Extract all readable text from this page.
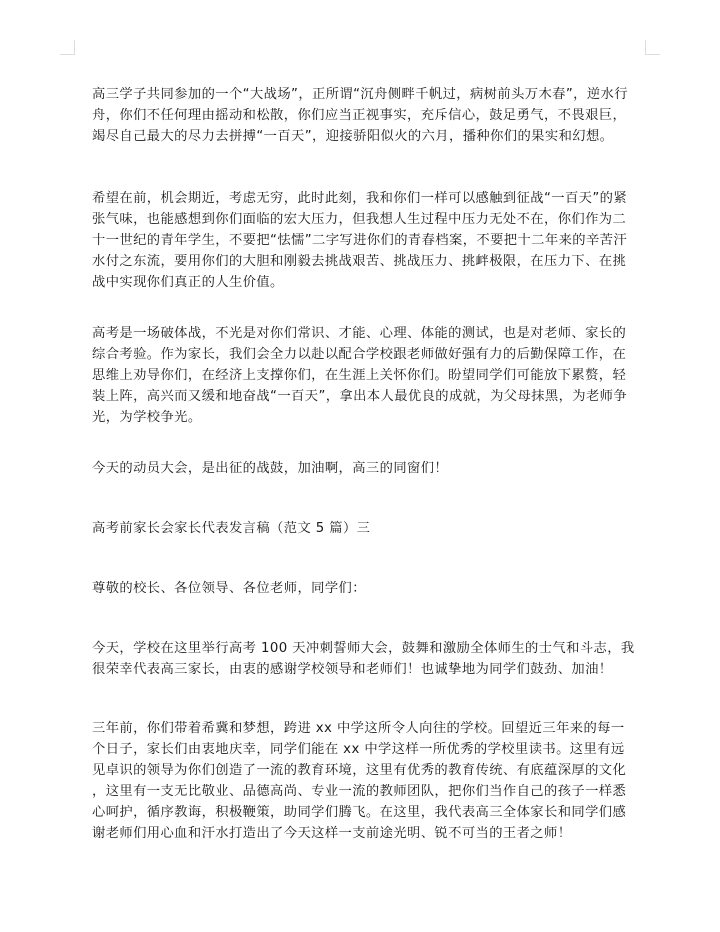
高三学子共同参加的一个“大战场”，正所谓“沉舟侧畔千帆过，病树前头万木春”，逆水行
舟，你们不任何理由摇动和松散，你们应当正视事实，充斥信心，鼓足勇气，不畏艰巨，
竭尽自己最大的尽力去拼搏“一百天”，迎接骄阳似火的六月，播种你们的果实和幻想。
希望在前，机会期近，考虑无穷，此时此刻，我和你们一样可以感触到征战“一百天”的紧
张气味，也能感想到你们面临的宏大压力，但我想人生过程中压力无处不在，你们作为二
十一世纪的青年学生，不要把“怯懦”二字写进你们的青春档案，不要把十二年来的辛苦汗
水付之东流，要用你们的大胆和刚毅去挑战艰苦、挑战压力、挑衅极限，在压力下、在挑
战中实现你们真正的人生价值。
高考是一场破体战，不光是对你们常识、才能、心理、体能的测试，也是对老师、家长的
综合考验。作为家长，我们会全力以赴以配合学校跟老师做好强有力的后勤保障工作，在
思维上劝导你们，在经济上支撑你们，在生涯上关怀你们。盼望同学们可能放下累赘，轻
装上阵，高兴而又缓和地奋战“一百天”，拿出本人最优良的成就，为父母抹黑，为老师争
光，为学校争光。
今天的动员大会，是出征的战鼓，加油啊，高三的同窗们！
高考前家长会家长代表发言稿（范文 5 篇）三
尊敬的校长、各位领导、各位老师，同学们：
今天，学校在这里举行高考 100 天冲刺誓师大会，鼓舞和激励全体师生的士气和斗志，我
很荣幸代表高三家长，由衷的感谢学校领导和老师们！也诚挚地为同学们鼓劲、加油！
三年前，你们带着希冀和梦想，跨进 xx 中学这所令人向往的学校。回望近三年来的每一
个日子，家长们由衷地庆幸，同学们能在 xx 中学这样一所优秀的学校里读书。这里有远
见卓识的领导为你们创造了一流的教育环境，这里有优秀的教育传统、有底蕴深厚的文化
，这里有一支无比敬业、品德高尚、专业一流的教师团队，把你们当作自己的孩子一样悉
心呵护，循序教诲，积极鞭策，助同学们腾飞。在这里，我代表高三全体家长和同学们感
谢老师们用心血和汗水打造出了今天这样一支前途光明、锐不可当的王者之师！
